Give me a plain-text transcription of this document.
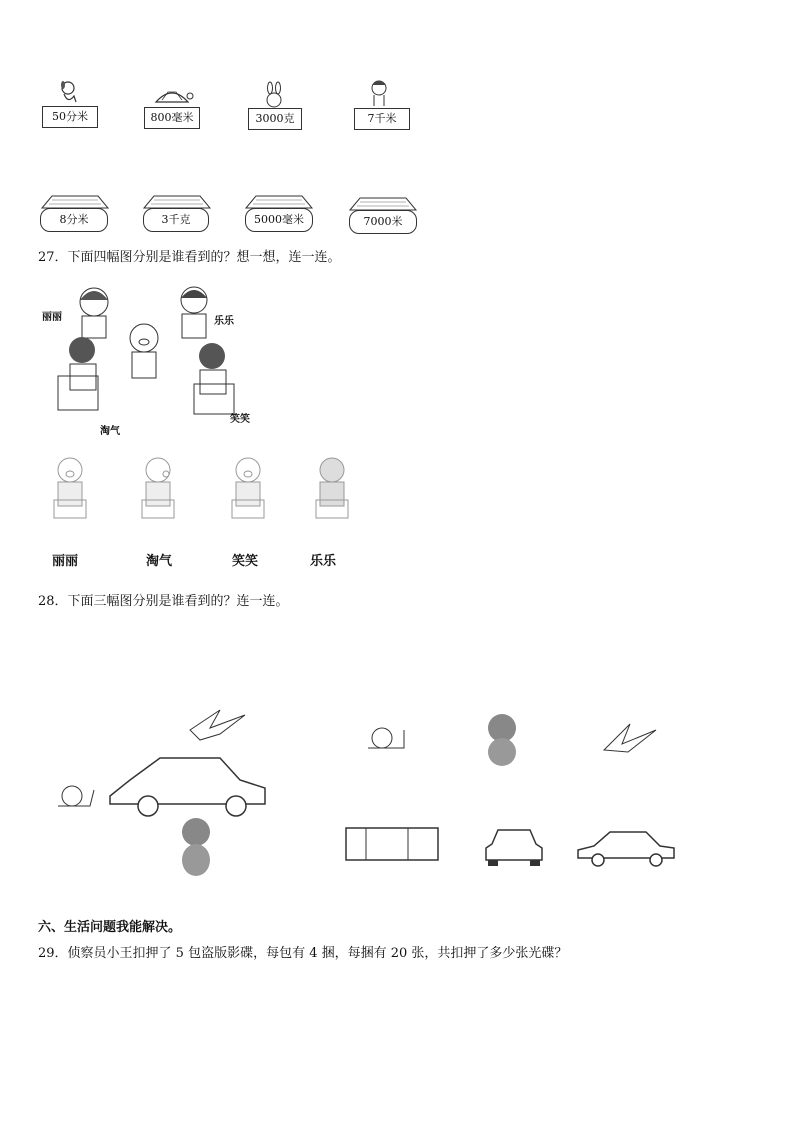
50分米	800毫米	3000克	7千米
8分米	3千克	5000毫米	7000米
27．下面四幅图分别是谁看到的？想一想，连一连。
丽丽	乐乐
淘气
笑笑
丽丽	淘气	笑笑	乐乐
28．下面三幅图分别是谁看到的？连一连。
六、生活问题我能解决。
29．侦察员小王扣押了 5 包盗版影碟，每包有 4 捆，每捆有 20 张，共扣押了多少张光碟？
